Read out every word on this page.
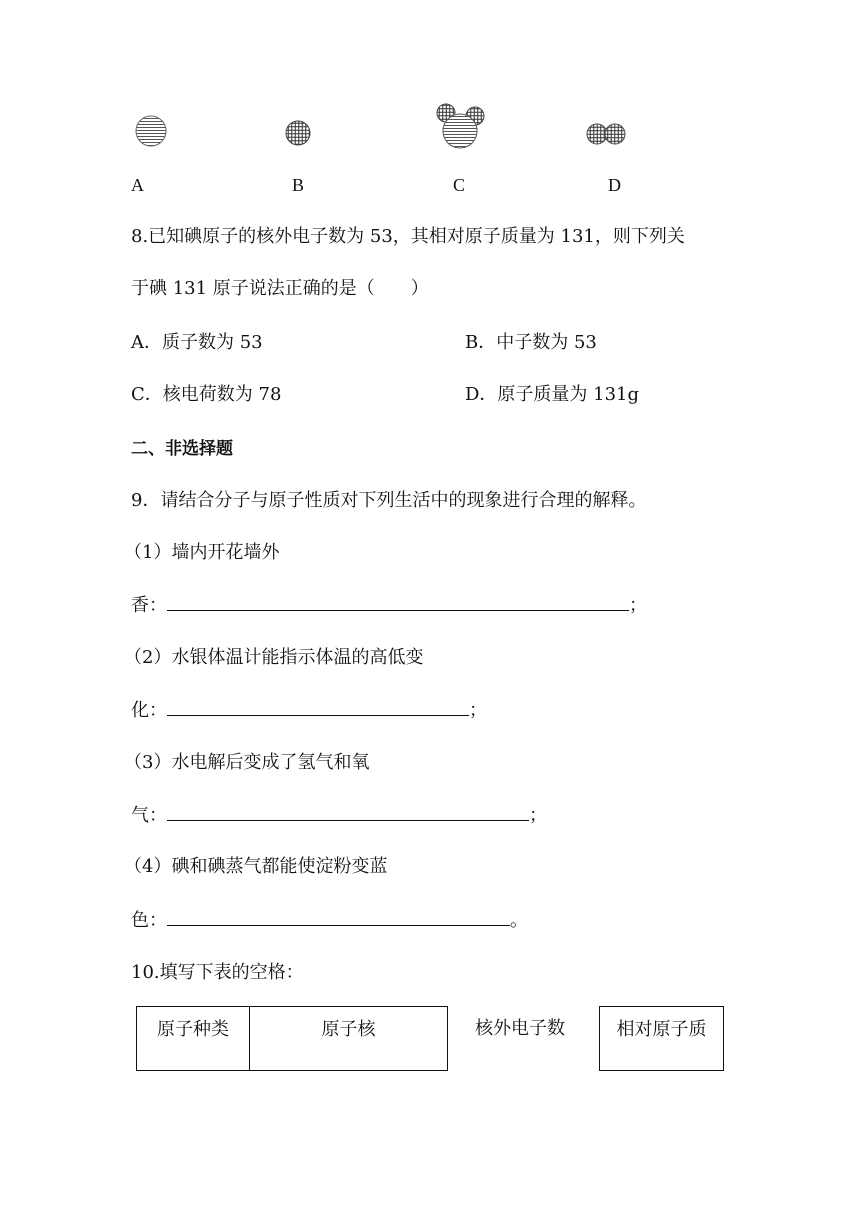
A	B	C	D
8.已知碘原子的核外电子数为 53，其相对原子质量为 131，则下列关
于碘 131 原子说法正确的是（　　）
A．质子数为 53	B．中子数为 53
C．核电荷数为 78	D．原子质量为 131g
二、非选择题
9．请结合分子与原子性质对下列生活中的现象进行合理的解释。
（1）墙内开花墙外
香：	；
（2）水银体温计能指示体温的高低变
化：	；
（3）水电解后变成了氢气和氧
气：	；
（4）碘和碘蒸气都能使淀粉变蓝
色：	。
10.填写下表的空格：
原子种类	原子核	核外电子数	相对原子质
